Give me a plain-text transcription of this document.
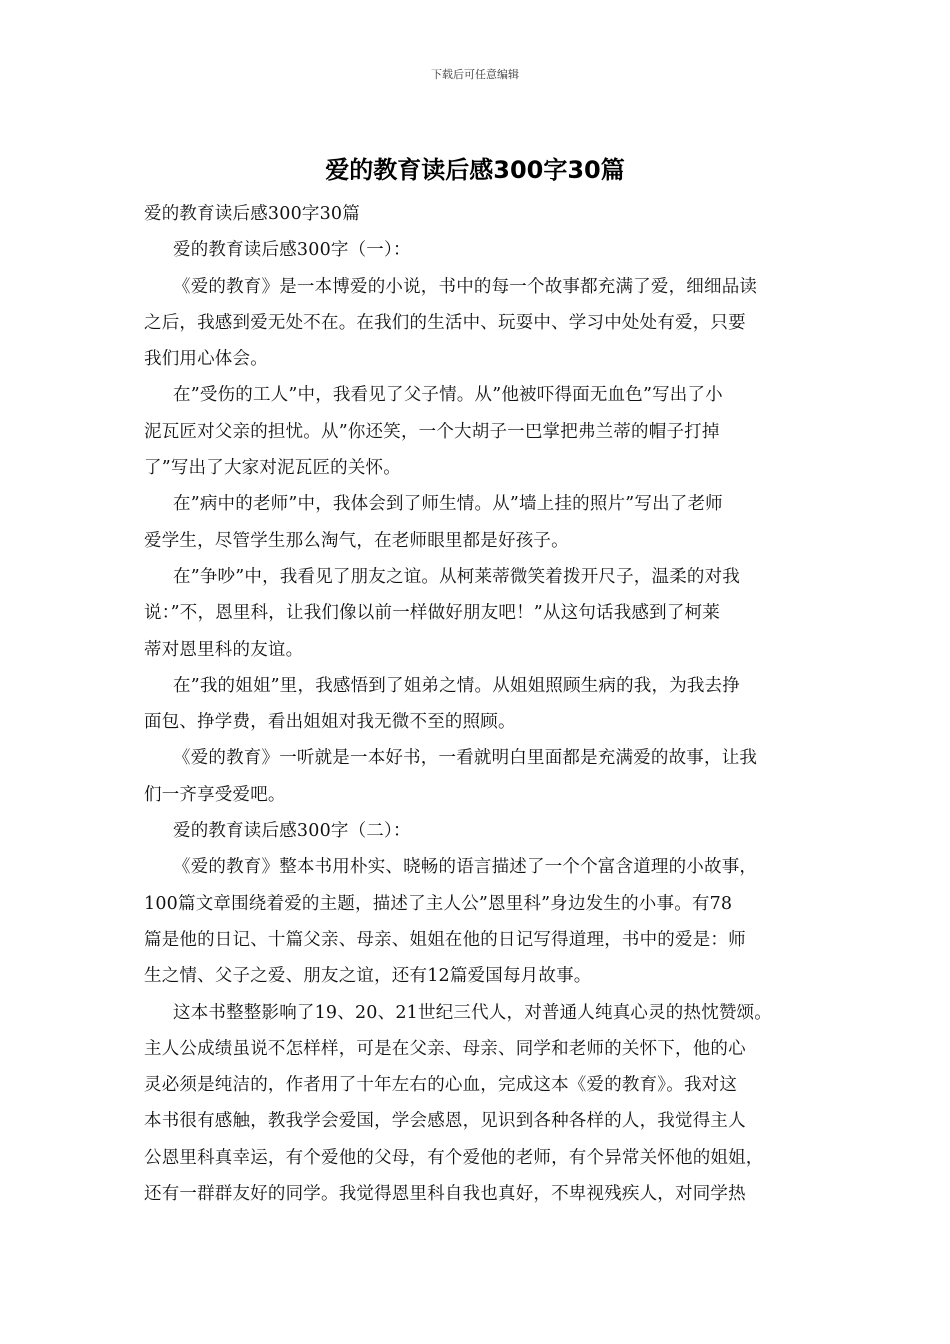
下载后可任意编辑
爱的教育读后感300字30篇
爱的教育读后感300字30篇
爱的教育读后感300字（一）：
《爱的教育》是一本博爱的小说，书中的每一个故事都充满了爱，细细品读
之后，我感到爱无处不在。在我们的生活中、玩耍中、学习中处处有爱，只要
我们用心体会。
在”受伤的工人”中，我看见了父子情。从”他被吓得面无血色”写出了小
泥瓦匠对父亲的担忧。从”你还笑，一个大胡子一巴掌把弗兰蒂的帽子打掉
了”写出了大家对泥瓦匠的关怀。
在”病中的老师”中，我体会到了师生情。从”墙上挂的照片”写出了老师
爱学生，尽管学生那么淘气，在老师眼里都是好孩子。
在”争吵”中，我看见了朋友之谊。从柯莱蒂微笑着拨开尺子，温柔的对我
说：”不，恩里科，让我们像以前一样做好朋友吧！”从这句话我感到了柯莱
蒂对恩里科的友谊。
在”我的姐姐”里，我感悟到了姐弟之情。从姐姐照顾生病的我，为我去挣
面包、挣学费，看出姐姐对我无微不至的照顾。
《爱的教育》一听就是一本好书，一看就明白里面都是充满爱的故事，让我
们一齐享受爱吧。
爱的教育读后感300字（二）：
《爱的教育》整本书用朴实、晓畅的语言描述了一个个富含道理的小故事，
100篇文章围绕着爱的主题，描述了主人公”恩里科”身边发生的小事。有78
篇是他的日记、十篇父亲、母亲、姐姐在他的日记写得道理，书中的爱是：师
生之情、父子之爱、朋友之谊，还有12篇爱国每月故事。
这本书整整影响了19、20、21世纪三代人，对普通人纯真心灵的热忱赞颂。
主人公成绩虽说不怎样样，可是在父亲、母亲、同学和老师的关怀下，他的心
灵必须是纯洁的，作者用了十年左右的心血，完成这本《爱的教育》。我对这
本书很有感触，教我学会爱国，学会感恩，见识到各种各样的人，我觉得主人
公恩里科真幸运，有个爱他的父母，有个爱他的老师，有个异常关怀他的姐姐，
还有一群群友好的同学。我觉得恩里科自我也真好，不卑视残疾人，对同学热
